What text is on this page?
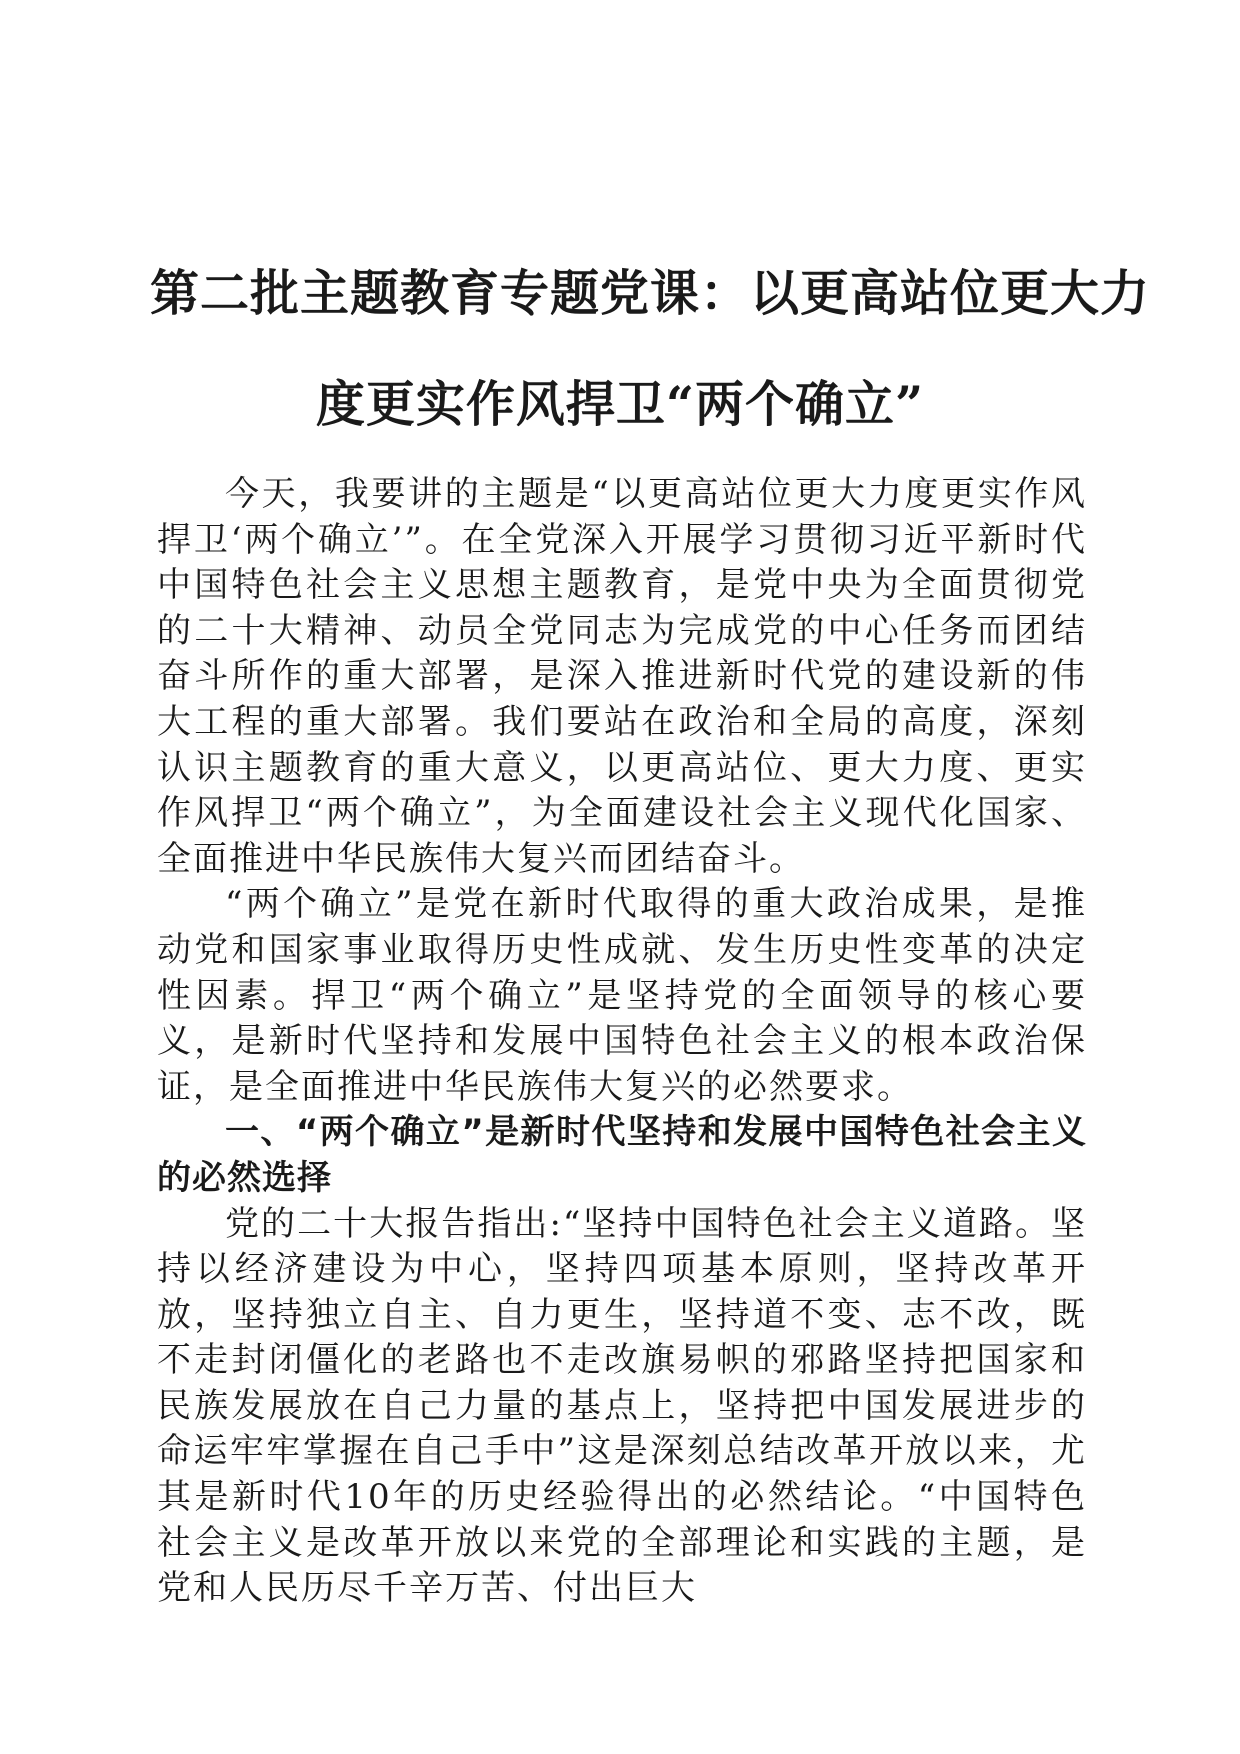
第二批主题教育专题党课：以更高站位更大力
度更实作风捍卫“两个确立”

今天，我要讲的主题是“以更高站位更大力度更实作风捍卫‘两个确立’”。在全党深入开展学习贯彻习近平新时代中国特色社会主义思想主题教育，是党中央为全面贯彻党的二十大精神、动员全党同志为完成党的中心任务而团结奋斗所作的重大部署，是深入推进新时代党的建设新的伟大工程的重大部署。我们要站在政治和全局的高度，深刻认识主题教育的重大意义，以更高站位、更大力度、更实作风捍卫“两个确立”，为全面建设社会主义现代化国家、全面推进中华民族伟大复兴而团结奋斗。

“两个确立”是党在新时代取得的重大政治成果，是推动党和国家事业取得历史性成就、发生历史性变革的决定性因素。捍卫“两个确立”是坚持党的全面领导的核心要义，是新时代坚持和发展中国特色社会主义的根本政治保证，是全面推进中华民族伟大复兴的必然要求。

一、“两个确立”是新时代坚持和发展中国特色社会主义的必然选择

党的二十大报告指出:“坚持中国特色社会主义道路。坚持以经济建设为中心，坚持四项基本原则，坚持改革开放，坚持独立自主、自力更生，坚持道不变、志不改，既不走封闭僵化的老路也不走改旗易帜的邪路坚持把国家和民族发展放在自己力量的基点上，坚持把中国发展进步的命运牢牢掌握在自己手中”这是深刻总结改革开放以来，尤其是新时代10年的历史经验得出的必然结论。“中国特色社会主义是改革开放以来党的全部理论和实践的主题，是党和人民历尽千辛万苦、付出巨大
